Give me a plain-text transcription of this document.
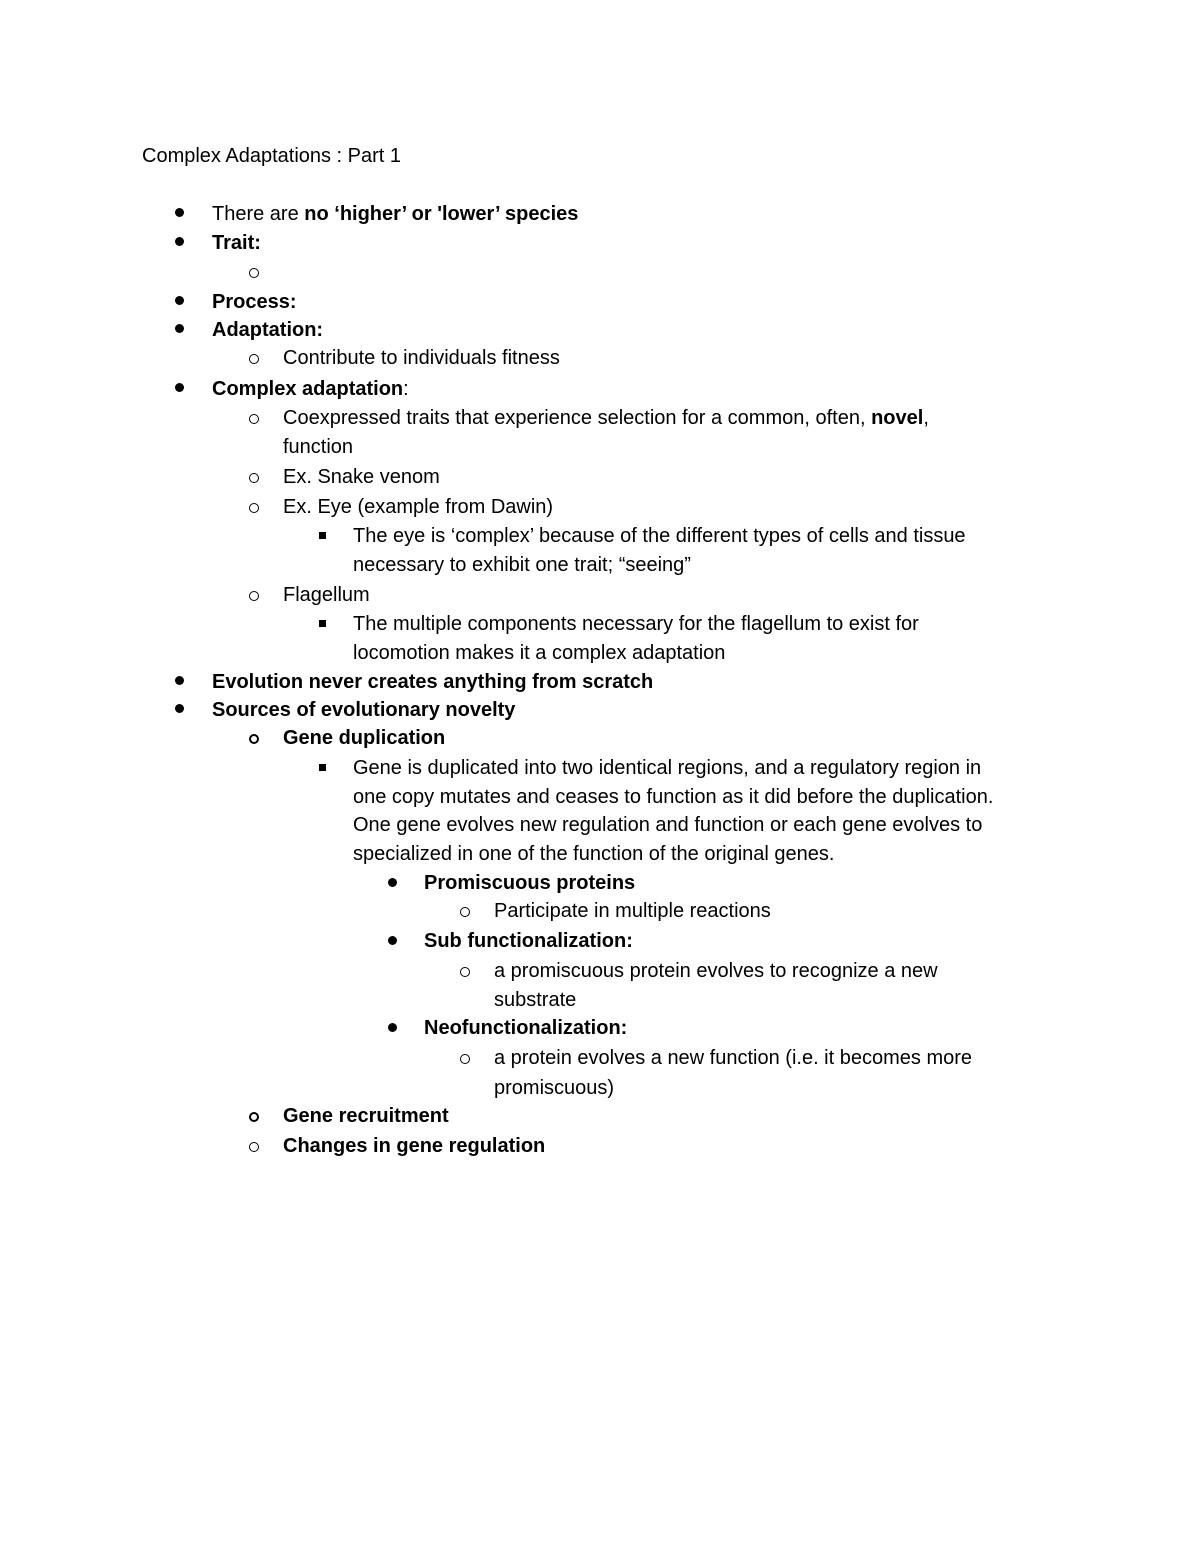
Complex Adaptations : Part 1
There are no ‘higher’ or 'lower’ species
Trait:
Process:
Adaptation:
Contribute to individuals fitness
Complex adaptation:
Coexpressed traits that experience selection for a common, often, novel,
function
Ex. Snake venom
Ex. Eye (example from Dawin)
The eye is ‘complex’ because of the different types of cells and tissue
necessary to exhibit one trait; “seeing”
Flagellum
The multiple components necessary for the flagellum to exist for
locomotion makes it a complex adaptation
Evolution never creates anything from scratch
Sources of evolutionary novelty
Gene duplication
Gene is duplicated into two identical regions, and a regulatory region in
one copy mutates and ceases to function as it did before the duplication.
One gene evolves new regulation and function or each gene evolves to
specialized in one of the function of the original genes.
Promiscuous proteins
Participate in multiple reactions
Sub functionalization:
a promiscuous protein evolves to recognize a new
substrate
Neofunctionalization:
a protein evolves a new function (i.e. it becomes more
promiscuous)
Gene recruitment
Changes in gene regulation
